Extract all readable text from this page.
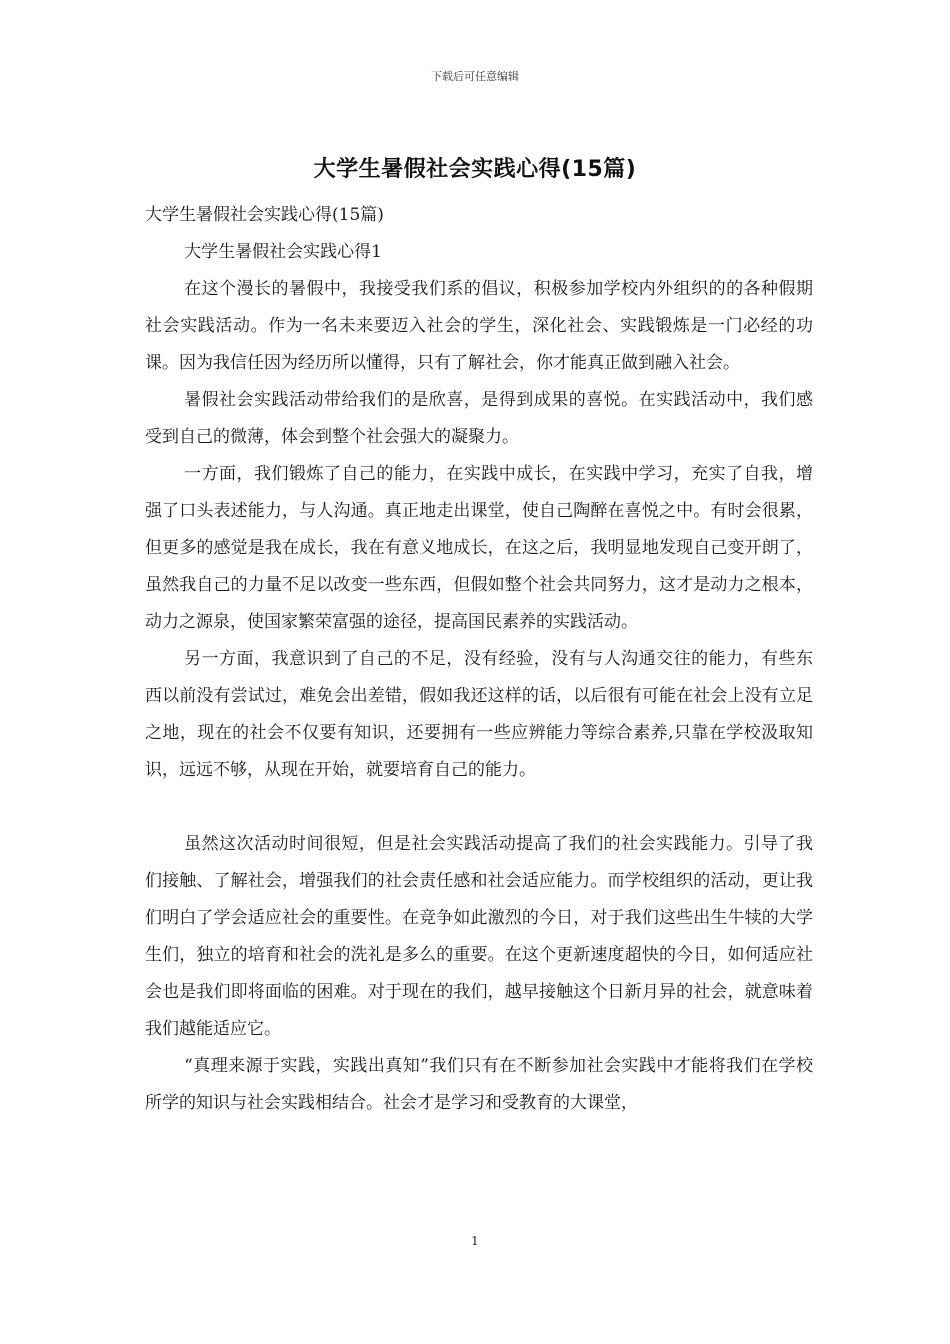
下载后可任意编辑
大学生暑假社会实践心得(15篇)

大学生暑假社会实践心得(15篇)

大学生暑假社会实践心得1

在这个漫长的暑假中，我接受我们系的倡议，积极参加学校内外组织的的各种假期社会实践活动。作为一名未来要迈入社会的学生，深化社会、实践锻炼是一门必经的功课。因为我信任因为经历所以懂得，只有了解社会，你才能真正做到融入社会。

暑假社会实践活动带给我们的是欣喜，是得到成果的喜悦。在实践活动中，我们感受到自己的微薄，体会到整个社会强大的凝聚力。

一方面，我们锻炼了自己的能力，在实践中成长，在实践中学习，充实了自我，增强了口头表述能力，与人沟通。真正地走出课堂，使自己陶醉在喜悦之中。有时会很累，但更多的感觉是我在成长，我在有意义地成长，在这之后，我明显地发现自己变开朗了，虽然我自己的力量不足以改变一些东西，但假如整个社会共同努力，这才是动力之根本，动力之源泉，使国家繁荣富强的途径，提高国民素养的实践活动。

另一方面，我意识到了自己的不足，没有经验，没有与人沟通交往的能力，有些东西以前没有尝试过，难免会出差错，假如我还这样的话，以后很有可能在社会上没有立足之地，现在的社会不仅要有知识，还要拥有一些应辨能力等综合素养,只靠在学校汲取知识，远远不够，从现在开始，就要培育自己的能力。

虽然这次活动时间很短，但是社会实践活动提高了我们的社会实践能力。引导了我们接触、了解社会，增强我们的社会责任感和社会适应能力。而学校组织的活动，更让我们明白了学会适应社会的重要性。在竞争如此激烈的今日，对于我们这些出生牛犊的大学生们，独立的培育和社会的洗礼是多么的重要。在这个更新速度超快的今日，如何适应社会也是我们即将面临的困难。对于现在的我们，越早接触这个日新月异的社会，就意味着我们越能适应它。

“真理来源于实践，实践出真知”我们只有在不断参加社会实践中才能将我们在学校所学的知识与社会实践相结合。社会才是学习和受教育的大课堂，

1
